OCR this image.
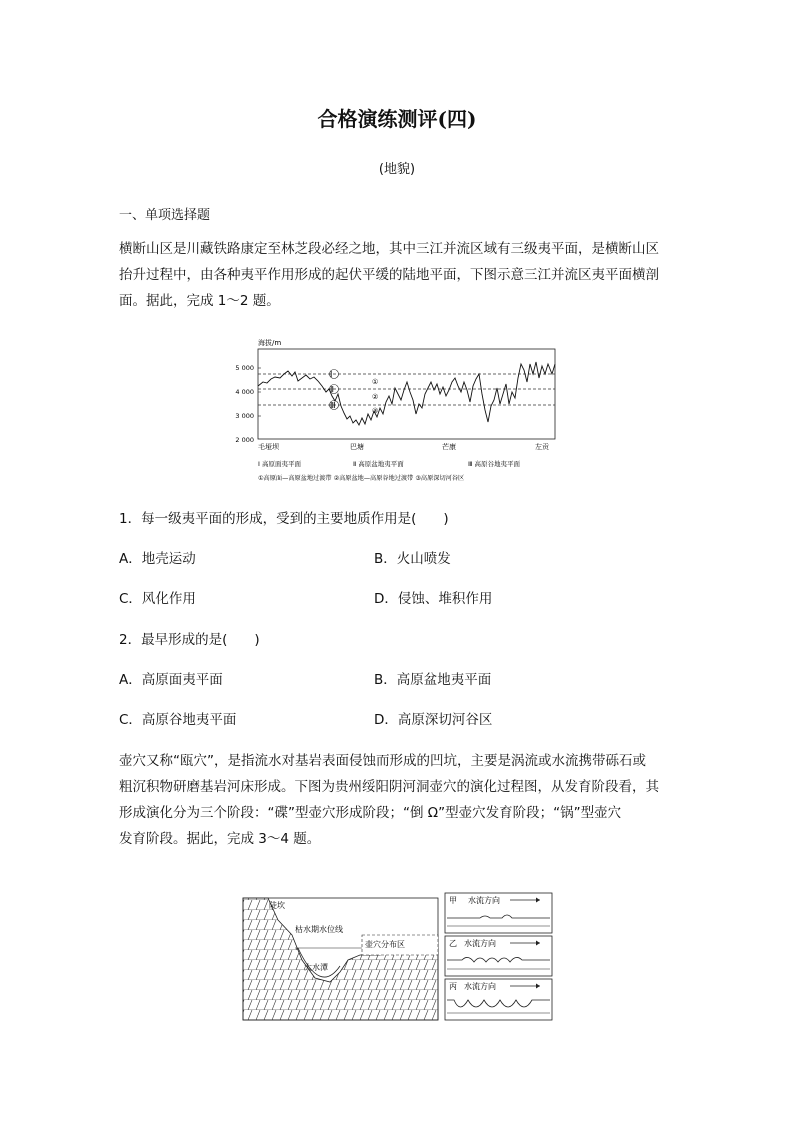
合格演练测评(四)
(地貌)
一、单项选择题
横断山区是川藏铁路康定至林芝段必经之地，其中三江并流区域有三级夷平面，是横断山区
抬升过程中，由各种夷平作用形成的起伏平缓的陆地平面，下图示意三江并流区夷平面横剖
面。据此，完成 1～2 题。
海拔/m
5 000
4 000
3 000
2 000
Ⅰ
Ⅱ
Ⅲ
①
②
③
毛垭坝	巴塘	芒康	左贡
Ⅰ 高原面夷平面	Ⅱ 高原盆地夷平面	Ⅲ 高原谷地夷平面
①高原面—高原盆地过渡带 ②高原盆地—高原谷地过渡带 ③高原深切河谷区
1．每一级夷平面的形成，受到的主要地质作用是(　　)
A．地壳运动	B．火山喷发
C．风化作用	D．侵蚀、堆积作用
2．最早形成的是(　　)
A．高原面夷平面	B．高原盆地夷平面
C．高原谷地夷平面	D．高原深切河谷区
壶穴又称“瓯穴”，是指流水对基岩表面侵蚀而形成的凹坑，主要是涡流或水流携带砾石或
粗沉积物研磨基岩河床形成。下图为贵州绥阳阴河洞壶穴的演化过程图，从发育阶段看，其
形成演化分为三个阶段：“碟”型壶穴形成阶段；“倒 Ω”型壶穴发育阶段；“锅”型壶穴
发育阶段。据此，完成 3～4 题。
陡坎
枯水期水位线
壶穴分布区
大水潭
甲 水流方向
乙 水流方向
丙 水流方向
